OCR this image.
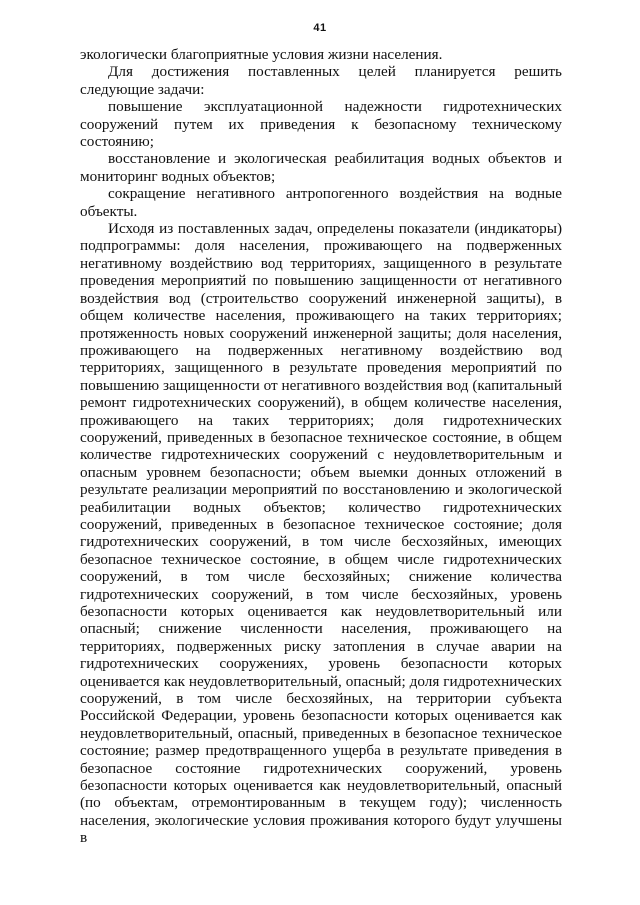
41

экологически благоприятные условия жизни населения.

Для достижения поставленных целей планируется решить следующие задачи:

повышение эксплуатационной надежности гидротехнических сооружений путем их приведения к безопасному техническому состоянию;

восстановление и экологическая реабилитация водных объектов и мониторинг водных объектов;

сокращение негативного антропогенного воздействия на водные объекты.

Исходя из поставленных задач, определены показатели (индикаторы) подпрограммы: доля населения, проживающего на подверженных негативному воздействию вод территориях, защищенного в результате проведения мероприятий по повышению защищенности от негативного воздействия вод (строительство сооружений инженерной защиты), в общем количестве населения, проживающего на таких территориях; протяженность новых сооружений инженерной защиты; доля населения, проживающего на подверженных негативному воздействию вод территориях, защищенного в результате проведения мероприятий по повышению защищенности от негативного воздействия вод (капитальный ремонт гидротехнических сооружений), в общем количестве населения, проживающего на таких территориях; доля гидротехнических сооружений, приведенных в безопасное техническое состояние, в общем количестве гидротехнических сооружений с неудовлетворительным и опасным уровнем безопасности; объем выемки донных отложений в результате реализации мероприятий по восстановлению и экологической реабилитации водных объектов; количество гидротехнических сооружений, приведенных в безопасное техническое состояние; доля гидротехнических сооружений, в том числе бесхозяйных, имеющих безопасное техническое состояние, в общем числе гидротехнических сооружений, в том числе бесхозяйных; снижение количества гидротехнических сооружений, в том числе бесхозяйных, уровень безопасности которых оценивается как неудовлетворительный или опасный; снижение численности населения, проживающего на территориях, подверженных риску затопления в случае аварии на гидротехнических сооружениях, уровень безопасности которых оценивается как неудовлетворительный, опасный; доля гидротехнических сооружений, в том числе бесхозяйных, на территории субъекта Российской Федерации, уровень безопасности которых оценивается как неудовлетворительный, опасный, приведенных в безопасное техническое состояние; размер предотвращенного ущерба в результате приведения в безопасное состояние гидротехнических сооружений, уровень безопасности которых оценивается как неудовлетворительный, опасный (по объектам, отремонтированным в текущем году); численность населения, экологические условия проживания которого будут улучшены в
